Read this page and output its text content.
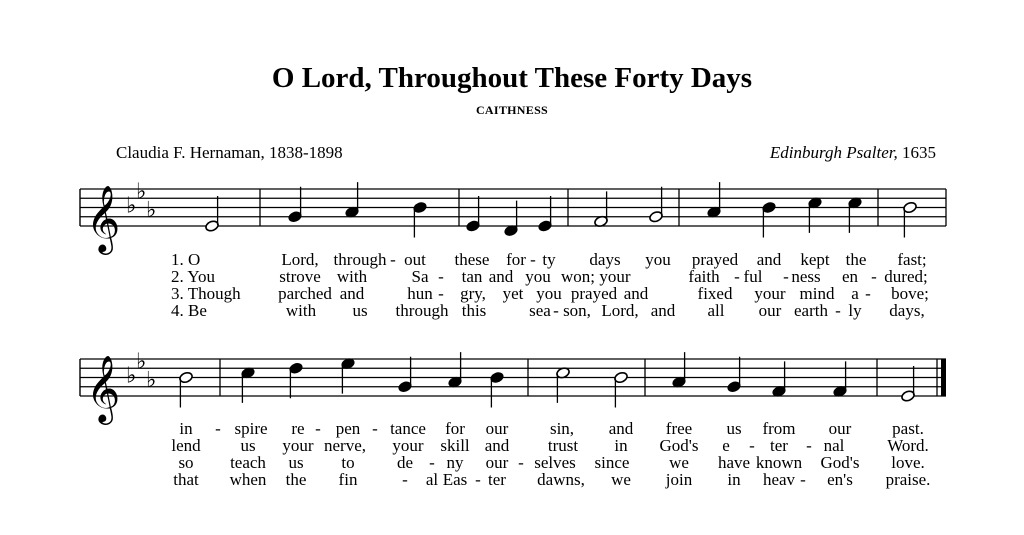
O Lord, Throughout These Forty Days
CAITHNESS
Claudia F. Hernaman, 1838-1898	Edinburgh Psalter, 1635
𝄞 ♭
♭
♭
𝄞 ♭
♭
♭
1. O	Lord, through - out these for - ty days you prayed and kept the fast;
2. You	strove with	Sa - tan and you won; your	faith - ful - ness en - dured;
3. Though parched and	hun - gry, yet you prayed and	fixed your mind a - bove;
4. Be	with us through this	sea - son, Lord, and all our earth - ly days,
in - spire re - pen - tance for our sin, and free us from our past.
lend us your nerve, your skill and trust in God's e - ter - nal	Word.
so teach us to de - ny our - selves since we have known God's love.
that when the fin	- al Eas - ter dawns, we join in heav - en's praise.
